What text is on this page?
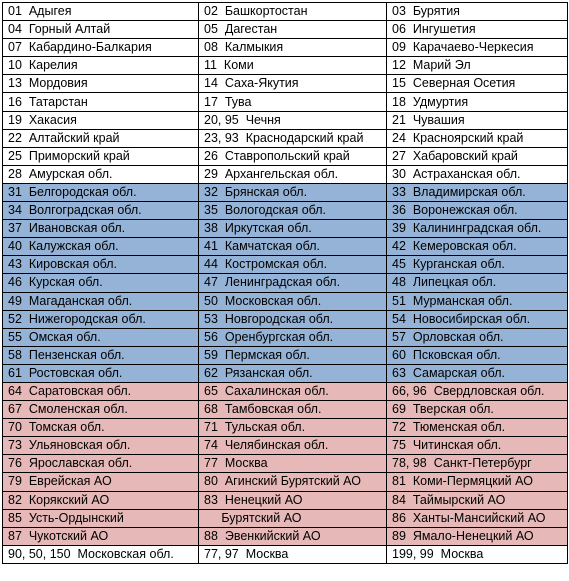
01  Адыгея	02  Башкортостан	03  Бурятия
04  Горный Алтай	05  Дагестан	06  Ингушетия
07  Кабардино-Балкария	08  Калмыкия	09  Карачаево-Черкесия
10  Карелия	11  Коми	12  Марий Эл
13  Мордовия	14  Саха-Якутия	15  Северная Осетия
16  Татарстан	17  Тува	18  Удмуртия
19  Хакасия	20, 95  Чечня	21  Чувашия
22  Алтайский край	23, 93  Краснодарский край	24  Красноярский край
25  Приморский край	26  Ставропольский край	27  Хабаровский край
28  Амурская обл.	29  Архангельская обл.	30  Астраханская обл.
31  Белгородская обл.	32  Брянская обл.	33  Владимирская обл.
34  Волгоградская обл.	35  Вологодская обл.	36  Воронежская обл.
37  Ивановская обл.	38  Иркутская обл.	39  Калининградская обл.
40  Калужская обл.	41  Камчатская обл.	42  Кемеровская обл.
43  Кировская обл.	44  Костромская обл.	45  Курганская обл.
46  Курская обл.	47  Ленинградская обл.	48  Липецкая обл.
49  Магаданская обл.	50  Московская обл.	51  Мурманская обл.
52  Нижегородская обл.	53  Новгородская обл.	54  Новосибирская обл.
55  Омская обл.	56  Оренбургская обл.	57  Орловская обл.
58  Пензенская обл.	59  Пермская обл.	60  Псковская обл.
61  Ростовская обл.	62  Рязанская обл.	63  Самарская обл.
64  Саратовская обл.	65  Сахалинская обл.	66, 96  Свердловская обл.
67  Смоленская обл.	68  Тамбовская обл.	69  Тверская обл.
70  Томская обл.	71  Тульская обл.	72  Тюменская обл.
73  Ульяновская обл.	74  Челябинская обл.	75  Читинская обл.
76  Ярославская обл.	77  Москва	78, 98  Санкт-Петербург
79  Еврейская АО	80  Агинский Бурятский АО	81  Коми-Пермяцкий АО
82  Корякский АО	83  Ненецкий АО	84  Таймырский АО
85  Усть-Ордынский	Бурятский АО	86  Ханты-Мансийский АО
87  Чукотский АО	88  Эвенкийский АО	89  Ямало-Ненецкий АО
90, 50, 150  Московская обл.	77, 97  Москва	199, 99  Москва
